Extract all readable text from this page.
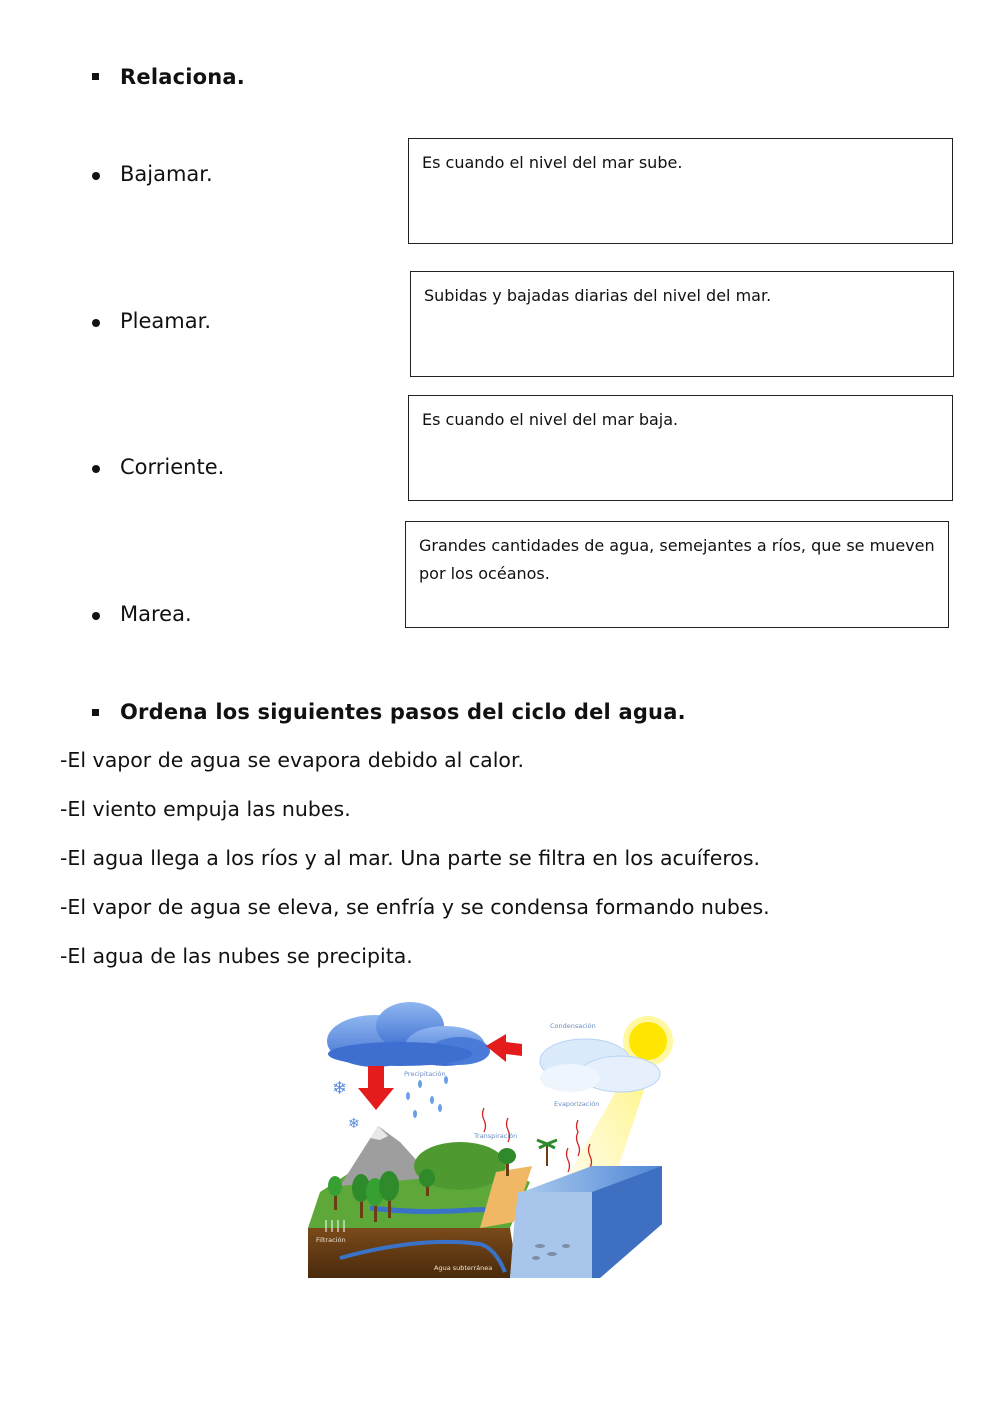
Relaciona.
Bajamar.
Pleamar.
Corriente.
Marea.
Es cuando el nivel del mar sube.
Subidas y bajadas diarias del nivel del mar.
Es cuando el nivel del mar baja.
Grandes cantidades de agua, semejantes a ríos, que se mueven por los océanos.
Ordena los siguientes pasos del ciclo del agua.
-El vapor de agua se evapora debido al calor.
-El viento empuja las nubes.
-El agua llega a los ríos y al mar. Una parte se filtra en los acuíferos.
-El vapor de agua se eleva, se enfría y se condensa formando nubes.
-El agua de las nubes se precipita.
❄
❄
Condensación
Precipitación
Evaporización
Transpiración
Filtración
Agua subterránea
